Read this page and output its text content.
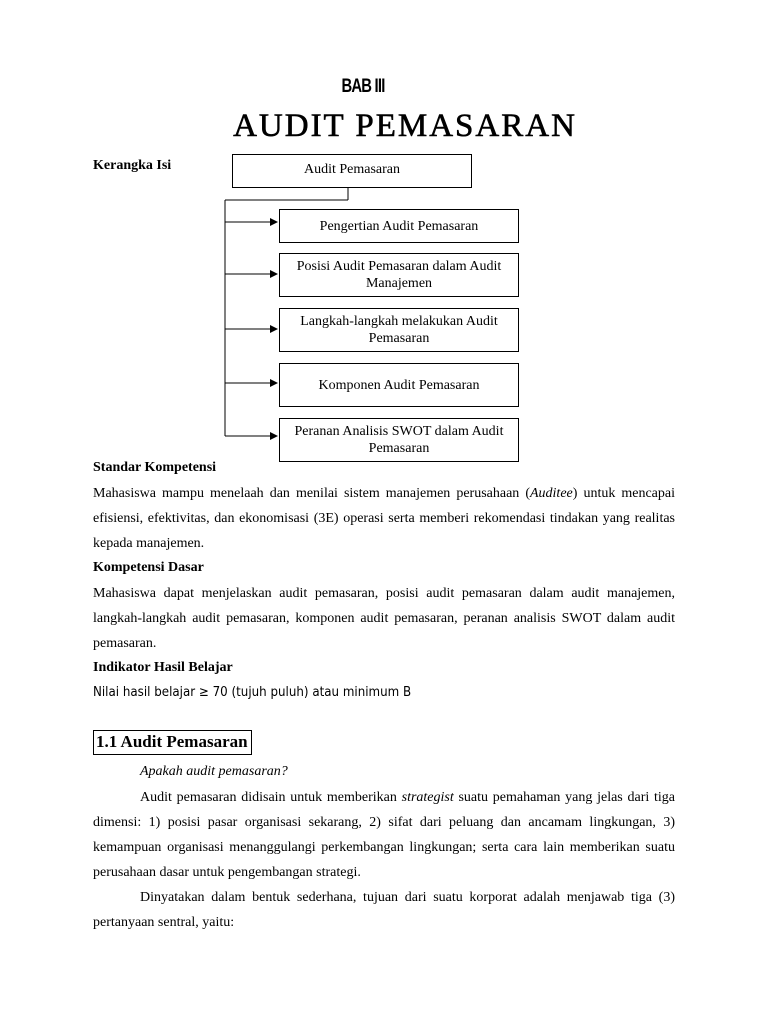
BAB III
AUDIT PEMASARAN
Kerangka Isi	Audit Pemasaran
Pengertian Audit Pemasaran
Posisi Audit Pemasaran dalam Audit Manajemen
Langkah-langkah melakukan Audit Pemasaran
Komponen Audit Pemasaran
Peranan Analisis SWOT dalam Audit Pemasaran
Standar Kompetensi
Mahasiswa mampu menelaah dan menilai sistem manajemen perusahaan (Auditee) untuk mencapai efisiensi, efektivitas, dan ekonomisasi (3E) operasi serta memberi rekomendasi tindakan yang realitas kepada manajemen.
Kompetensi Dasar
Mahasiswa dapat menjelaskan audit pemasaran, posisi audit pemasaran dalam audit manajemen, langkah-langkah audit pemasaran, komponen audit pemasaran, peranan analisis SWOT dalam audit pemasaran.
Indikator Hasil Belajar
Nilai hasil belajar ≥ 70 (tujuh puluh) atau minimum B
1.1 Audit Pemasaran
Apakah audit pemasaran?
Audit pemasaran didisain untuk memberikan strategist suatu pemahaman yang jelas dari tiga dimensi: 1) posisi pasar organisasi sekarang, 2) sifat dari peluang dan ancamam lingkungan, 3) kemampuan organisasi menanggulangi perkembangan lingkungan; serta cara lain memberikan suatu perusahaan dasar untuk pengembangan strategi.
Dinyatakan dalam bentuk sederhana, tujuan dari suatu korporat adalah menjawab tiga (3) pertanyaan sentral, yaitu:
